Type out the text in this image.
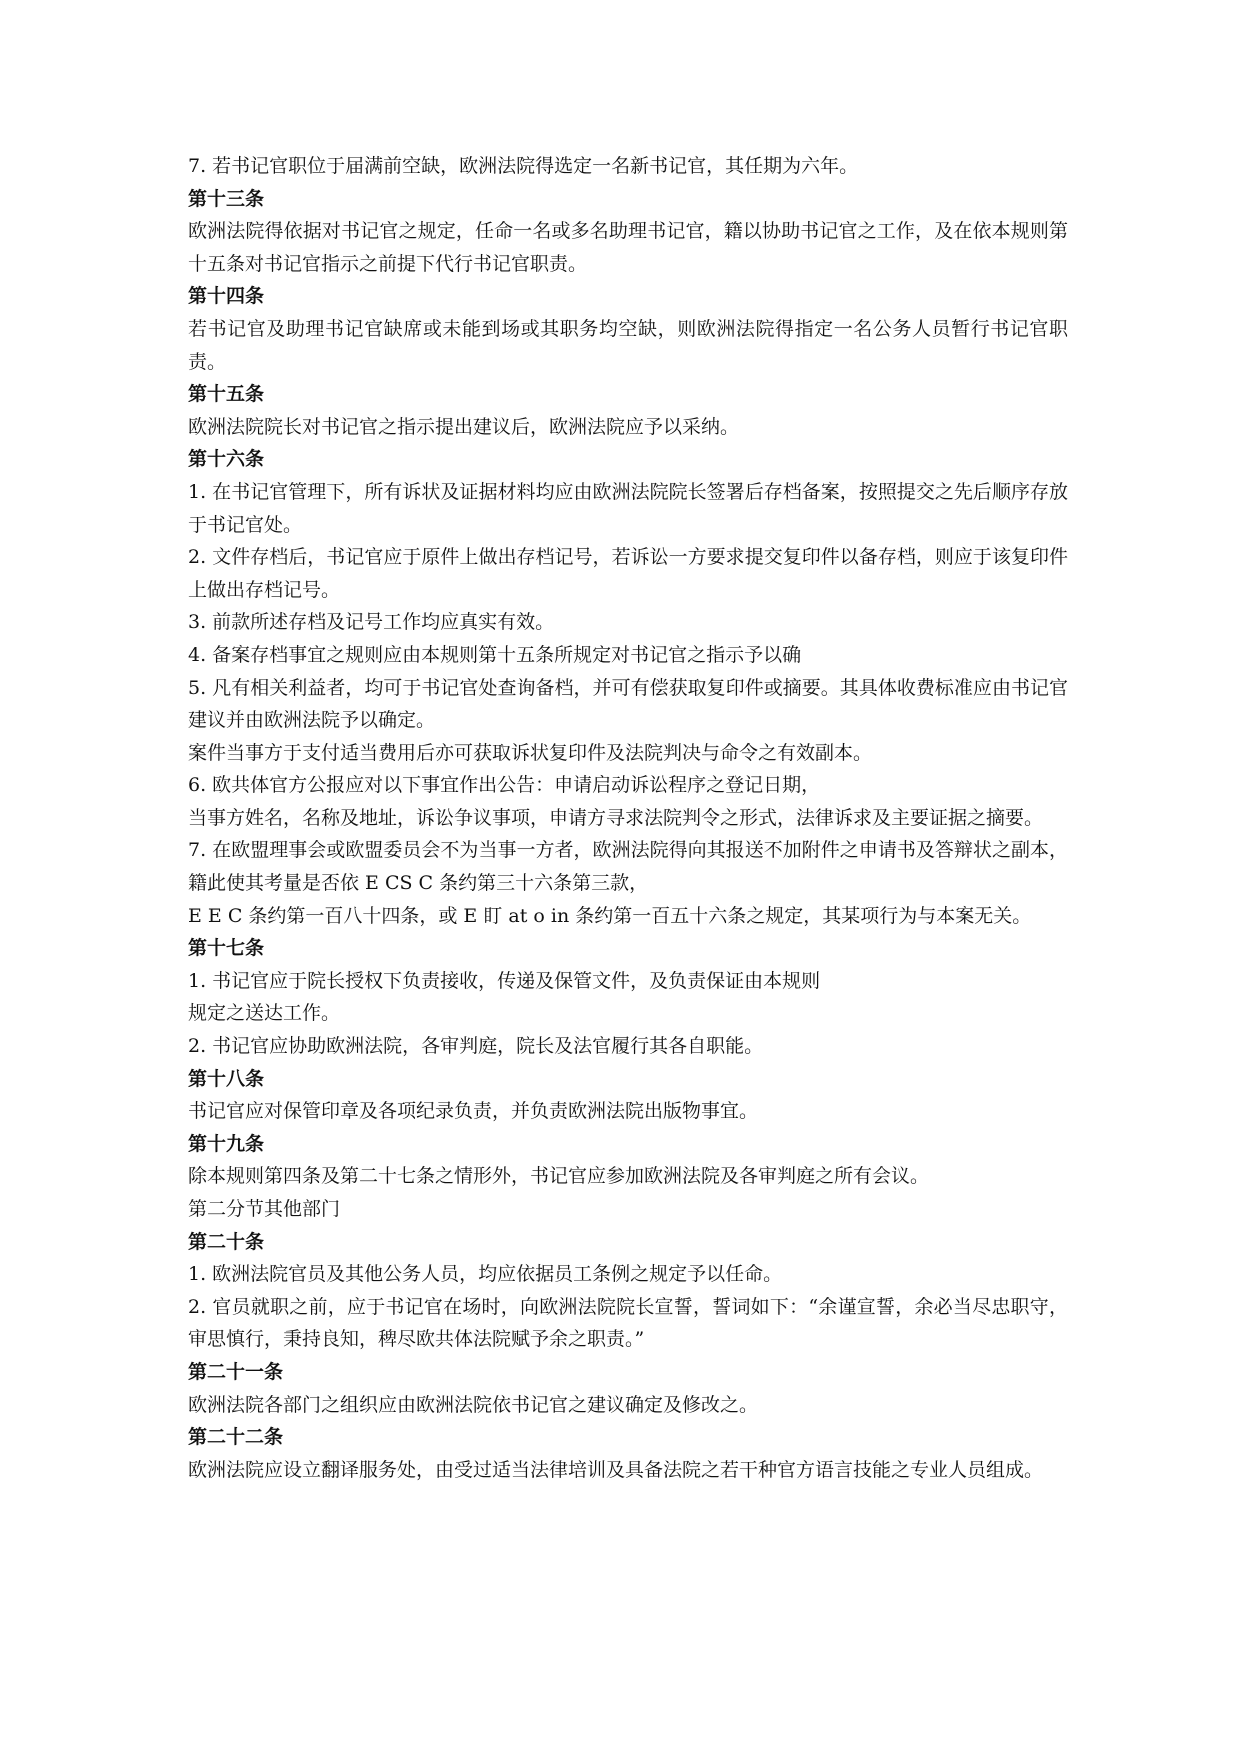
7. 若书记官职位于届满前空缺，欧洲法院得选定一名新书记官，其任期为六年。
第十三条
欧洲法院得依据对书记官之规定，任命一名或多名助理书记官，籍以协助书记官之工作，及在依本规则第十五条对书记官指示之前提下代行书记官职责。
第十四条
若书记官及助理书记官缺席或未能到场或其职务均空缺，则欧洲法院得指定一名公务人员暂行书记官职责。
第十五条
欧洲法院院长对书记官之指示提出建议后，欧洲法院应予以采纳。
第十六条
1. 在书记官管理下，所有诉状及证据材料均应由欧洲法院院长签署后存档备案，按照提交之先后顺序存放于书记官处。
2. 文件存档后，书记官应于原件上做出存档记号，若诉讼一方要求提交复印件以备存档，则应于该复印件上做出存档记号。
3. 前款所述存档及记号工作均应真实有效。
4. 备案存档事宜之规则应由本规则第十五条所规定对书记官之指示予以确
5. 凡有相关利益者，均可于书记官处查询备档，并可有偿获取复印件或摘要。其具体收费标准应由书记官建议并由欧洲法院予以确定。
案件当事方于支付适当费用后亦可获取诉状复印件及法院判决与命令之有效副本。
6. 欧共体官方公报应对以下事宜作出公告：申请启动诉讼程序之登记日期，
当事方姓名，名称及地址，诉讼争议事项，申请方寻求法院判令之形式，法律诉求及主要证据之摘要。
7. 在欧盟理事会或欧盟委员会不为当事一方者，欧洲法院得向其报送不加附件之申请书及答辩状之副本，籍此使其考量是否依 E CS C 条约第三十六条第三款，
E E C 条约第一百八十四条，或 E 盯 at o in 条约第一百五十六条之规定，其某项行为与本案无关。
第十七条
1. 书记官应于院长授权下负责接收，传递及保管文件，及负责保证由本规则
规定之送达工作。
2. 书记官应协助欧洲法院，各审判庭，院长及法官履行其各自职能。
第十八条
书记官应对保管印章及各项纪录负责，并负责欧洲法院出版物事宜。
第十九条
除本规则第四条及第二十七条之情形外，书记官应参加欧洲法院及各审判庭之所有会议。
第二分节其他部门
第二十条
1. 欧洲法院官员及其他公务人员，均应依据员工条例之规定予以任命。
2. 官员就职之前，应于书记官在场时，向欧洲法院院长宣誓，誓词如下：“余谨宣誓，余必当尽忠职守，审思慎行，秉持良知，稗尽欧共体法院赋予余之职责。”
第二十一条
欧洲法院各部门之组织应由欧洲法院依书记官之建议确定及修改之。
第二十二条
欧洲法院应设立翻译服务处，由受过适当法律培训及具备法院之若干种官方语言技能之专业人员组成。
